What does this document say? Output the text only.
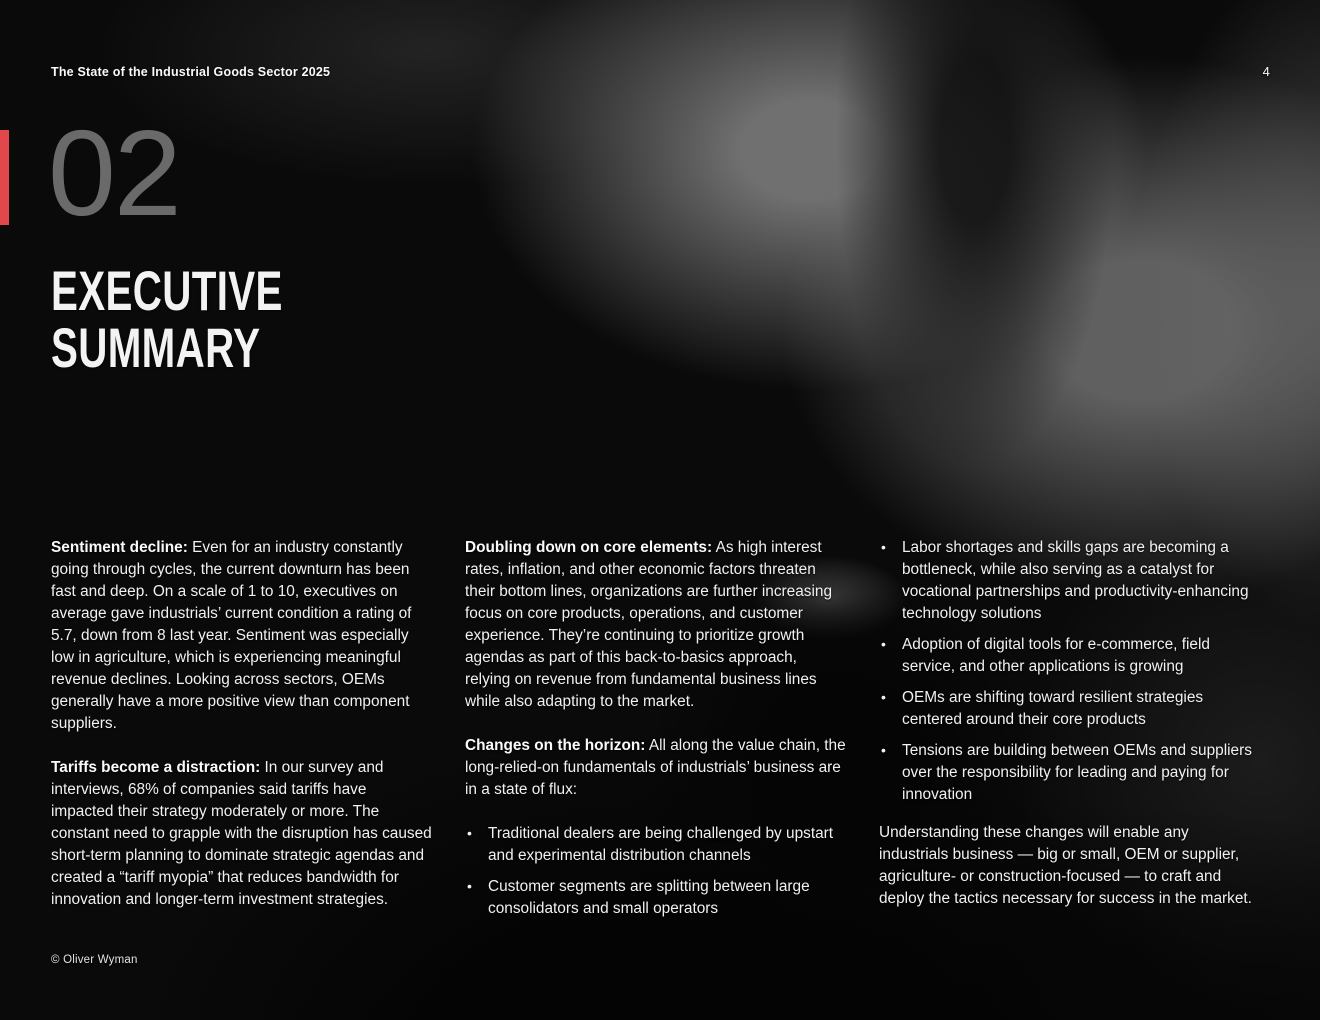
The State of the Industrial Goods Sector 2025	4
02
EXECUTIVE
SUMMARY

Sentiment decline: Even for an industry constantly going through cycles, the current downturn has been fast and deep. On a scale of 1 to 10, executives on average gave industrials’ current condition a rating of 5.7, down from 8 last year. Sentiment was especially low in agriculture, which is experiencing meaningful revenue declines. Looking across sectors, OEMs generally have a more positive view than component suppliers.

Tariffs become a distraction: In our survey and interviews, 68% of companies said tariffs have impacted their strategy moderately or more. The constant need to grapple with the disruption has caused short-term planning to dominate strategic agendas and created a “tariff myopia” that reduces bandwidth for innovation and longer-term investment strategies.

Doubling down on core elements: As high interest rates, inflation, and other economic factors threaten their bottom lines, organizations are further increasing focus on core products, operations, and customer experience. They’re continuing to prioritize growth agendas as part of this back-to-basics approach, relying on revenue from fundamental business lines while also adapting to the market.

Changes on the horizon: All along the value chain, the long-relied-on fundamentals of industrials’ business are in a state of flux:

• Traditional dealers are being challenged by upstart and experimental distribution channels
• Customer segments are splitting between large consolidators and small operators
• Labor shortages and skills gaps are becoming a bottleneck, while also serving as a catalyst for vocational partnerships and productivity-enhancing technology solutions
• Adoption of digital tools for e-commerce, field service, and other applications is growing
• OEMs are shifting toward resilient strategies centered around their core products
• Tensions are building between OEMs and suppliers over the responsibility for leading and paying for innovation

Understanding these changes will enable any industrials business — big or small, OEM or supplier, agriculture- or construction-focused — to craft and deploy the tactics necessary for success in the market.

© Oliver Wyman
